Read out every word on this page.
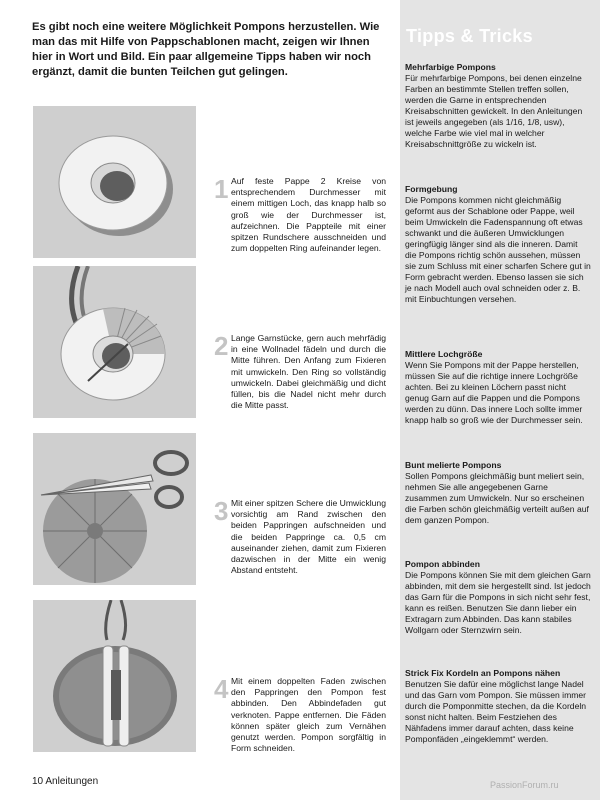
Es gibt noch eine weitere Möglichkeit Pompons herzustellen. Wie man das mit Hilfe von Pappschablonen macht, zeigen wir Ihnen hier in Wort und Bild. Ein paar allgemeine Tipps haben wir noch ergänzt, damit die bunten Teilchen gut gelingen.

1 Auf feste Pappe 2 Kreise von entsprechendem Durchmesser mit einem mittigen Loch, das knapp halb so groß wie der Durchmesser ist, aufzeichnen. Die Pappteile mit einer spitzen Rundschere ausschneiden und zum doppelten Ring aufeinander legen.

2 Lange Garnstücke, gern auch mehrfädig in eine Wollnadel fädeln und durch die Mitte führen. Den Anfang zum Fixieren mit umwickeln. Den Ring so vollständig umwickeln. Dabei gleichmäßig und dicht füllen, bis die Nadel nicht mehr durch die Mitte passt.

3 Mit einer spitzen Schere die Umwicklung vorsichtig am Rand zwischen den beiden Pappringen aufschneiden und die beiden Pappringe ca. 0,5 cm auseinander ziehen, damit zum Fixieren dazwischen in der Mitte ein wenig Abstand entsteht.

4 Mit einem doppelten Faden zwischen den Pappringen den Pompon fest abbinden. Den Abbindefaden gut verknoten. Pappe entfernen. Die Fäden können später gleich zum Vernähen genutzt werden. Pompon sorgfältig in Form schneiden.

Tipps & Tricks

Mehrfarbige Pompons

Für mehrfarbige Pompons, bei denen einzelne Farben an bestimmte Stellen treffen sollen, werden die Garne in entsprechenden Kreisabschnitten gewickelt. In den Anleitungen ist jeweils angegeben (als 1/16, 1/8, usw), welche Farbe wie viel mal in welcher Kreisabschnittgröße zu wickeln ist.

Formgebung

Die Pompons kommen nicht gleichmäßig geformt aus der Schablone oder Pappe, weil beim Umwickeln die Fadenspannung oft etwas schwankt und die äußeren Umwicklungen geringfügig länger sind als die inneren. Damit die Pompons richtig schön aussehen, müssen sie zum Schluss mit einer scharfen Schere gut in Form gebracht werden. Ebenso lassen sie sich je nach Modell auch oval schneiden oder z. B. mit Einbuchtungen versehen.

Mittlere Lochgröße

Wenn Sie Pompons mit der Pappe herstellen, müssen Sie auf die richtige innere Lochgröße achten. Bei zu kleinen Löchern passt nicht genug Garn auf die Pappen und die Pompons werden zu dünn. Das innere Loch sollte immer knapp halb so groß wie der Durchmesser sein.

Bunt melierte Pompons

Sollen Pompons gleichmäßig bunt meliert sein, nehmen Sie alle angegebenen Garne zusammen zum Umwickeln. Nur so erscheinen die Farben schön gleichmäßig verteilt außen auf dem ganzen Pompon.

Pompon abbinden

Die Pompons können Sie mit dem gleichen Garn abbinden, mit dem sie hergestellt sind. Ist jedoch das Garn für die Pompons in sich nicht sehr fest, kann es reißen. Benutzen Sie dann lieber ein Extragarn zum Abbinden. Das kann stabiles Wollgarn oder Sternzwirn sein.

Strick Fix Kordeln an Pompons nähen

Benutzen Sie dafür eine möglichst lange Nadel und das Garn vom Pompon. Sie müssen immer durch die Pomponmitte stechen, da die Kordeln sonst nicht halten. Beim Festziehen des Nähfadens immer darauf achten, dass keine Pomponfäden „eingeklemmt“ werden.

10 Anleitungen	PassionForum.ru
